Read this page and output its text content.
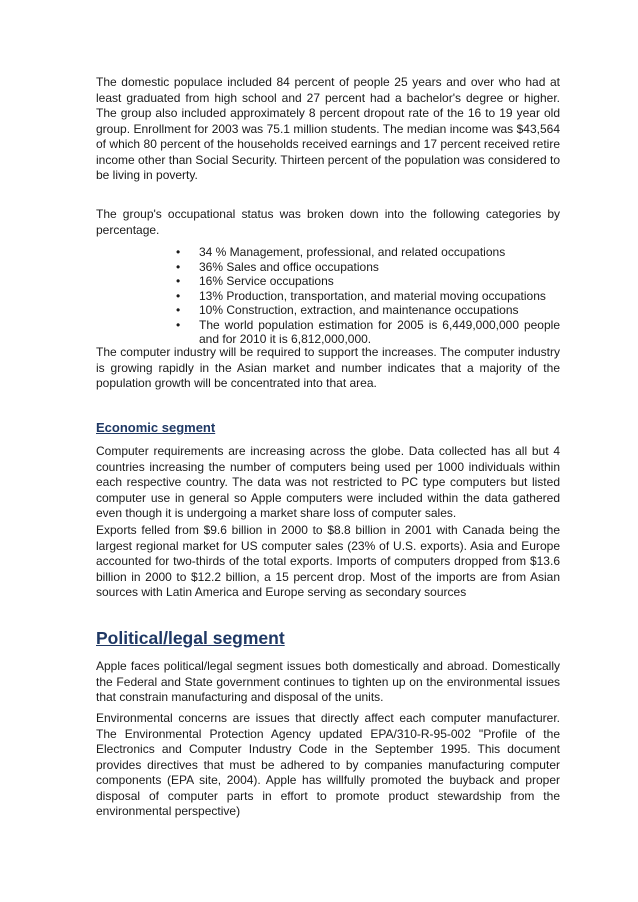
The domestic populace included 84 percent of people 25 years and over who had at least graduated from high school and 27 percent had a bachelor's degree or higher. The group also included approximately 8 percent dropout rate of the 16 to 19 year old group. Enrollment for 2003 was 75.1 million students. The median income was $43,564 of which 80 percent of the households received earnings and 17 percent received retire income other than Social Security. Thirteen percent of the population was considered to be living in poverty.

The group's occupational status was broken down into the following categories by percentage.

• 34 % Management, professional, and related occupations
• 36% Sales and office occupations
• 16% Service occupations
• 13% Production, transportation, and material moving occupations
• 10% Construction, extraction, and maintenance occupations
• The world population estimation for 2005 is 6,449,000,000 people and for 2010 it is 6,812,000,000.

The computer industry will be required to support the increases. The computer industry is growing rapidly in the Asian market and number indicates that a majority of the population growth will be concentrated into that area.

Economic segment

Computer requirements are increasing across the globe. Data collected has all but 4 countries increasing the number of computers being used per 1000 individuals within each respective country. The data was not restricted to PC type computers but listed computer use in general so Apple computers were included within the data gathered even though it is undergoing a market share loss of computer sales.

Exports felled from $9.6 billion in 2000 to $8.8 billion in 2001 with Canada being the largest regional market for US computer sales (23% of U.S. exports). Asia and Europe accounted for two-thirds of the total exports. Imports of computers dropped from $13.6 billion in 2000 to $12.2 billion, a 15 percent drop. Most of the imports are from Asian sources with Latin America and Europe serving as secondary sources

Political/legal segment

Apple faces political/legal segment issues both domestically and abroad. Domestically the Federal and State government continues to tighten up on the environmental issues that constrain manufacturing and disposal of the units.

Environmental concerns are issues that directly affect each computer manufacturer. The Environmental Protection Agency updated EPA/310-R-95-002 "Profile of the Electronics and Computer Industry Code in the September 1995. This document provides directives that must be adhered to by companies manufacturing computer components (EPA site, 2004). Apple has willfully promoted the buyback and proper disposal of computer parts in effort to promote product stewardship from the environmental perspective)
